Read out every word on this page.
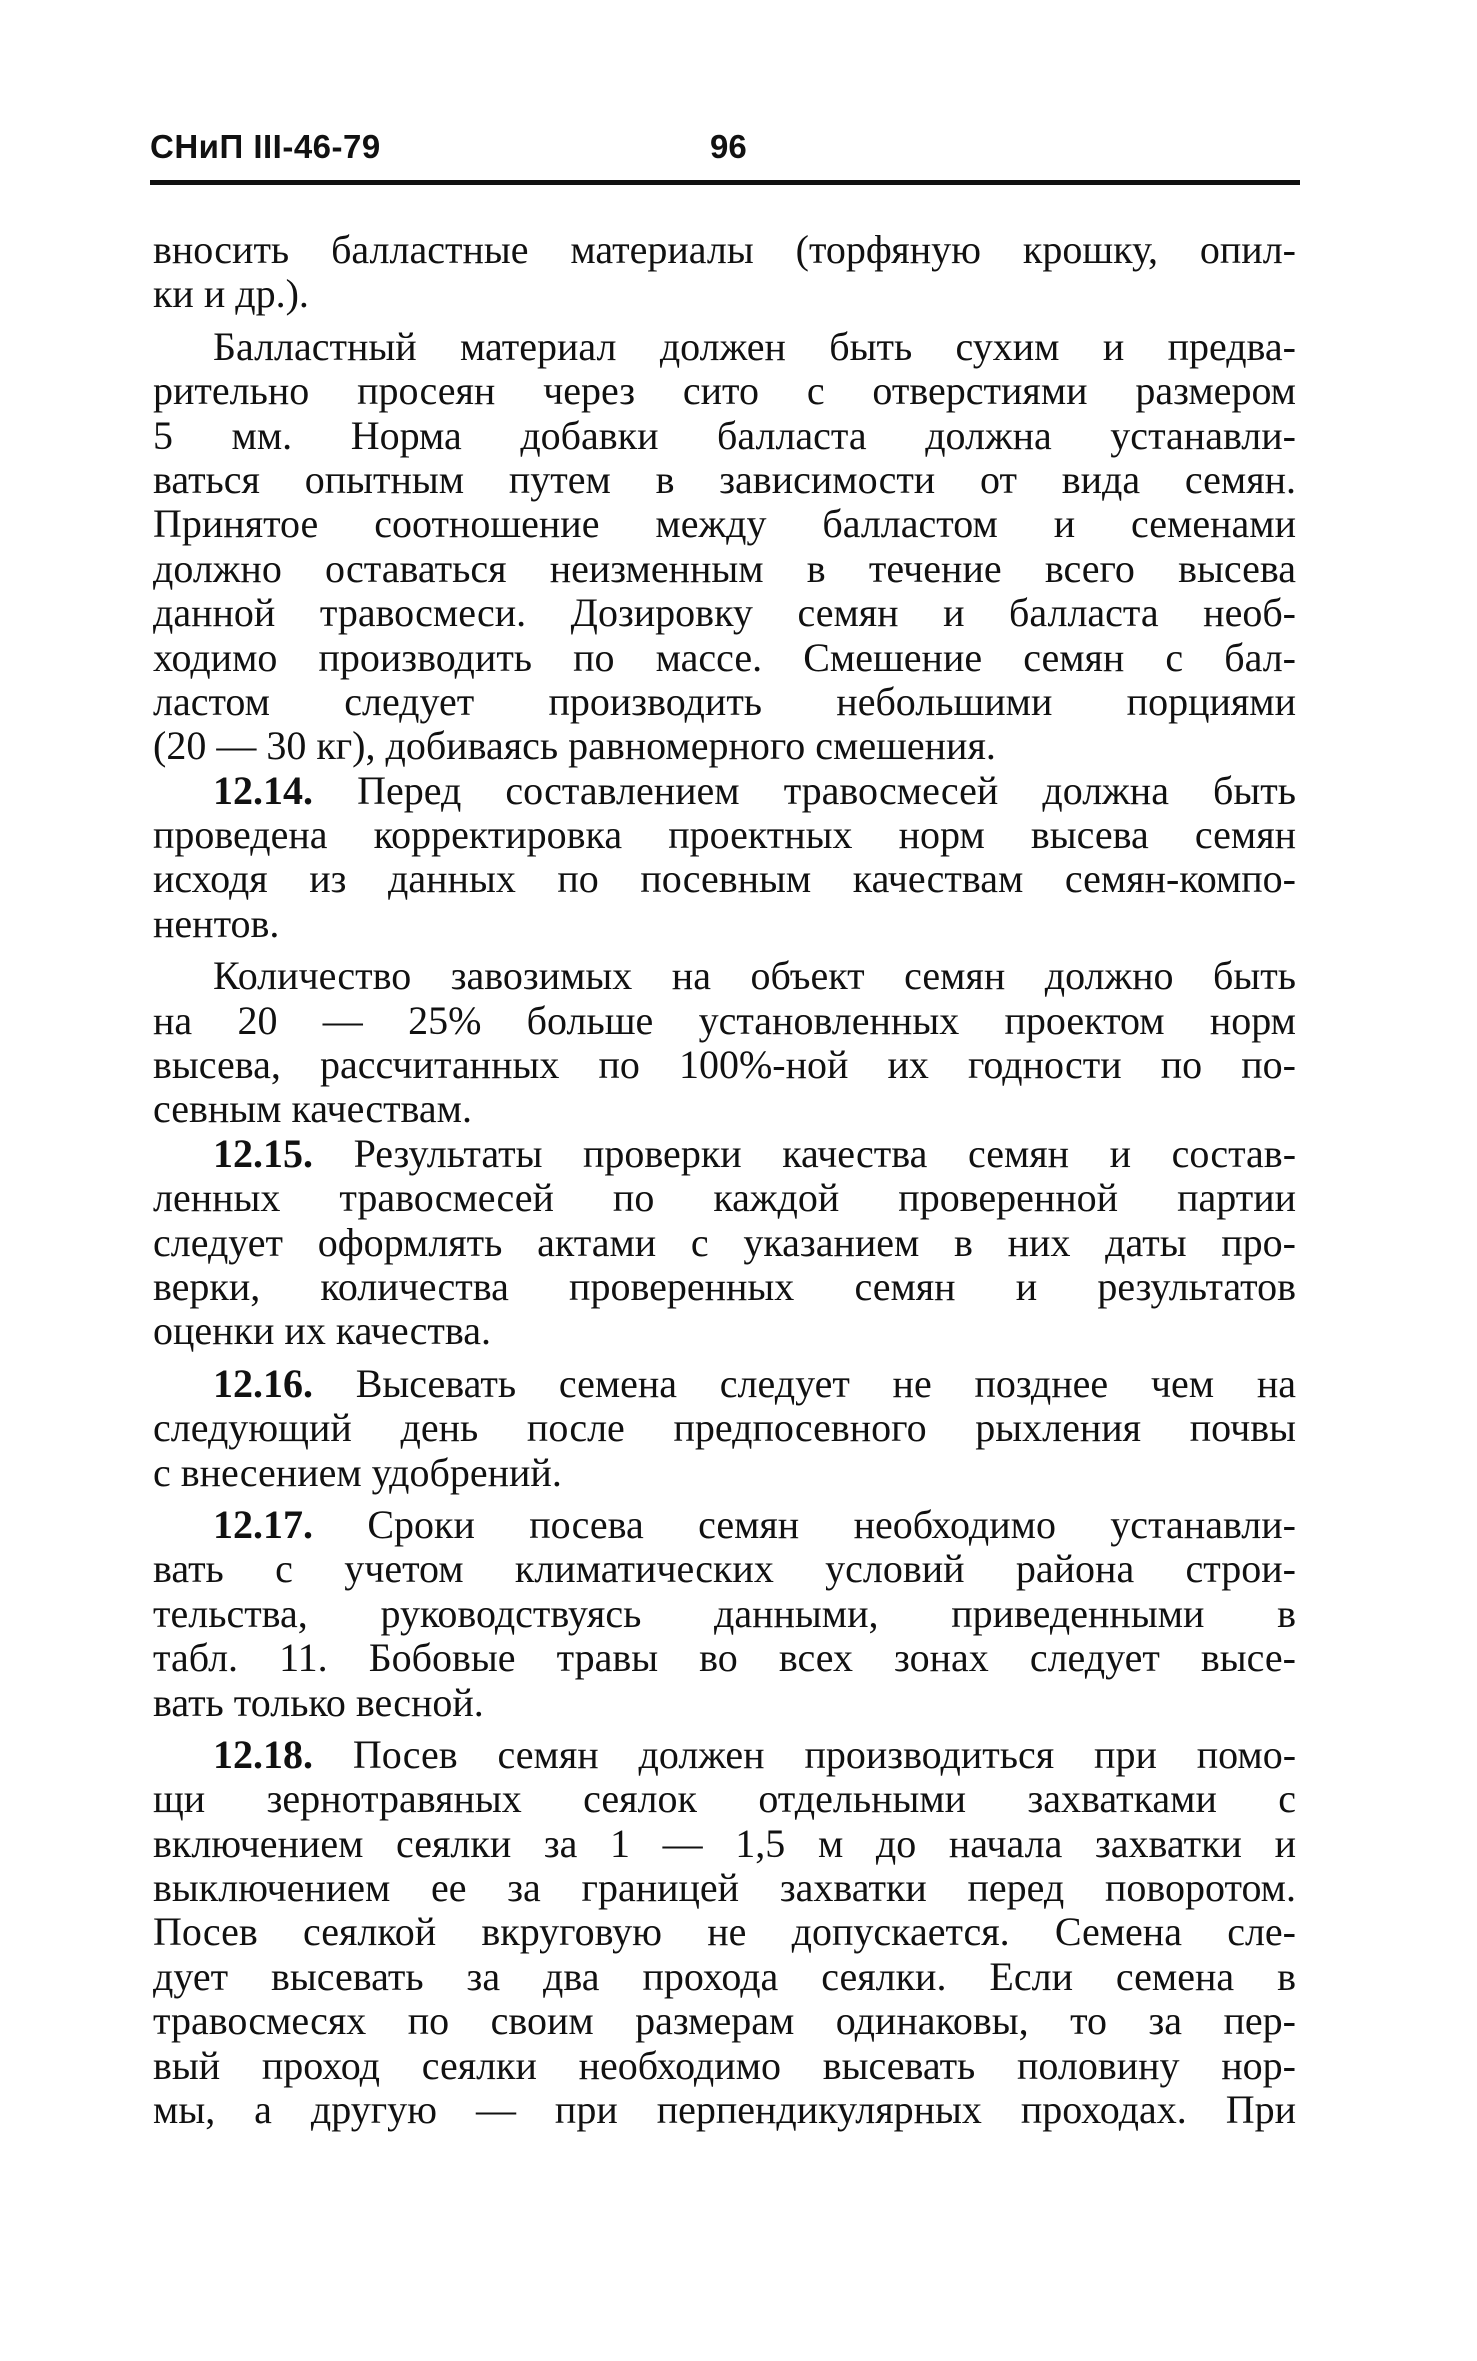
СНиП III-46-79	96
вносить балластные материалы (торфяную крошку, опил-
ки и др.).
Балластный материал должен быть сухим и предва-
рительно просеян через сито с отверстиями размером
5 мм. Норма добавки балласта должна устанавли-
ваться опытным путем в зависимости от вида семян.
Принятое соотношение между балластом и семенами
должно оставаться неизменным в течение всего высева
данной травосмеси. Дозировку семян и балласта необ-
ходимо производить по массе. Смешение семян с бал-
ластом следует производить небольшими порциями
(20 — 30 кг), добиваясь равномерного смешения.
12.14. Перед составлением травосмесей должна быть
проведена корректировка проектных норм высева семян
исходя из данных по посевным качествам семян-компо-
нентов.
Количество завозимых на объект семян должно быть
на 20 — 25% больше установленных проектом норм
высева, рассчитанных по 100%-ной их годности по по-
севным качествам.
12.15. Результаты проверки качества семян и состав-
ленных травосмесей по каждой проверенной партии
следует оформлять актами с указанием в них даты про-
верки, количества проверенных семян и результатов
оценки их качества.
12.16. Высевать семена следует не позднее чем на
следующий день после предпосевного рыхления почвы
с внесением удобрений.
12.17. Сроки посева семян необходимо устанавли-
вать с учетом климатических условий района строи-
тельства, руководствуясь данными, приведенными в
табл. 11. Бобовые травы во всех зонах следует высе-
вать только весной.
12.18. Посев семян должен производиться при помо-
щи зернотравяных сеялок отдельными захватками с
включением сеялки за 1 — 1,5 м до начала захватки и
выключением ее за границей захватки перед поворотом.
Посев сеялкой вкруговую не допускается. Семена сле-
дует высевать за два прохода сеялки. Если семена в
травосмесях по своим размерам одинаковы, то за пер-
вый проход сеялки необходимо высевать половину нор-
мы, а другую — при перпендикулярных проходах. При
